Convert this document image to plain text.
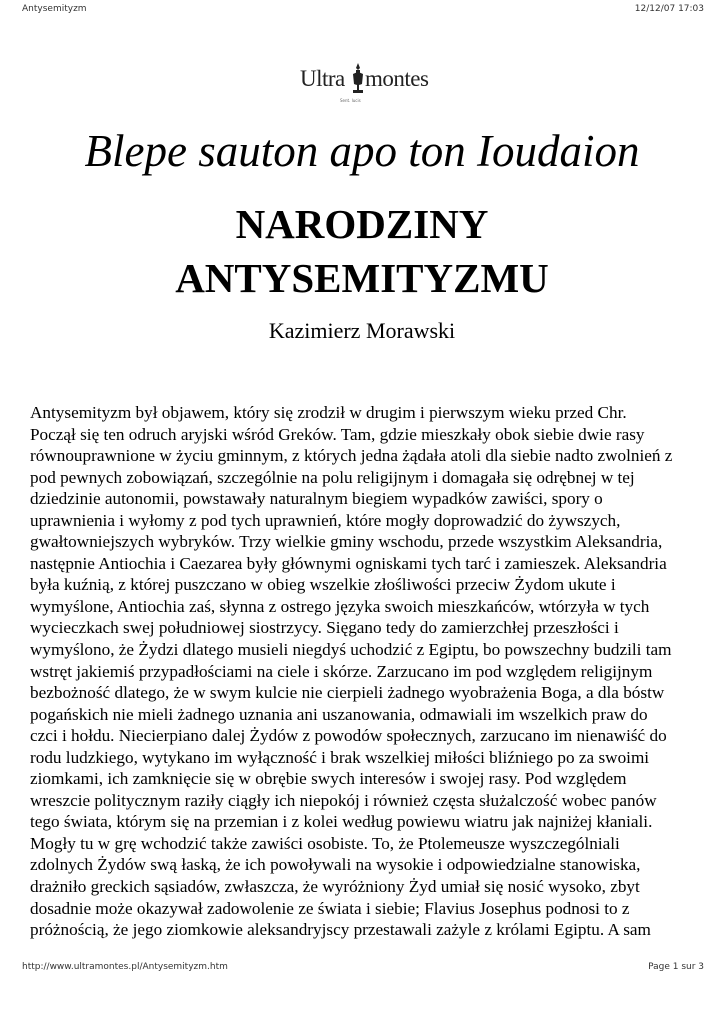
Antysemityzm	12/12/07 17:03
Ultra montes
Sent. lucis
Blepe sauton apo ton Ioudaion
NARODZINY
ANTYSEMITYZMU
Kazimierz Morawski

Antysemityzm był objawem, który się zrodził w drugim i pierwszym wieku przed Chr.
Począł się ten odruch aryjski wśród Greków. Tam, gdzie mieszkały obok siebie dwie rasy
równouprawnione w życiu gminnym, z których jedna żądała atoli dla siebie nadto zwolnień z
pod pewnych zobowiązań, szczególnie na polu religijnym i domagała się odrębnej w tej
dziedzinie autonomii, powstawały naturalnym biegiem wypadków zawiści, spory o
uprawnienia i wyłomy z pod tych uprawnień, które mogły doprowadzić do żywszych,
gwałtowniejszych wybryków. Trzy wielkie gminy wschodu, przede wszystkim Aleksandria,
następnie Antiochia i Caezarea były głównymi ogniskami tych tarć i zamieszek. Aleksandria
była kuźnią, z której puszczano w obieg wszelkie złośliwości przeciw Żydom ukute i
wymyślone, Antiochia zaś, słynna z ostrego języka swoich mieszkańców, wtórzyła w tych
wycieczkach swej południowej siostrzycy. Sięgano tedy do zamierzchłej przeszłości i
wymyślono, że Żydzi dlatego musieli niegdyś uchodzić z Egiptu, bo powszechny budzili tam
wstręt jakiemiś przypadłościami na ciele i skórze. Zarzucano im pod względem religijnym
bezbożność dlatego, że w swym kulcie nie cierpieli żadnego wyobrażenia Boga, a dla bóstw
pogańskich nie mieli żadnego uznania ani uszanowania, odmawiali im wszelkich praw do
czci i hołdu. Niecierpiano dalej Żydów z powodów społecznych, zarzucano im nienawiść do
rodu ludzkiego, wytykano im wyłączność i brak wszelkiej miłości bliźniego po za swoimi
ziomkami, ich zamknięcie się w obrębie swych interesów i swojej rasy. Pod względem
wreszcie politycznym raziły ciągły ich niepokój i również częsta służalczość wobec panów
tego świata, którym się na przemian i z kolei według powiewu wiatru jak najniżej kłaniali.
Mogły tu w grę wchodzić także zawiści osobiste. To, że Ptolemeusze wyszczególniali
zdolnych Żydów swą łaską, że ich powoływali na wysokie i odpowiedzialne stanowiska,
drażniło greckich sąsiadów, zwłaszcza, że wyróżniony Żyd umiał się nosić wysoko, zbyt
dosadnie może okazywał zadowolenie ze świata i siebie; Flavius Josephus podnosi to z
próżnością, że jego ziomkowie aleksandryjscy przestawali zażyle z królami Egiptu. A sam

http://www.ultramontes.pl/Antysemityzm.htm	Page 1 sur 3
